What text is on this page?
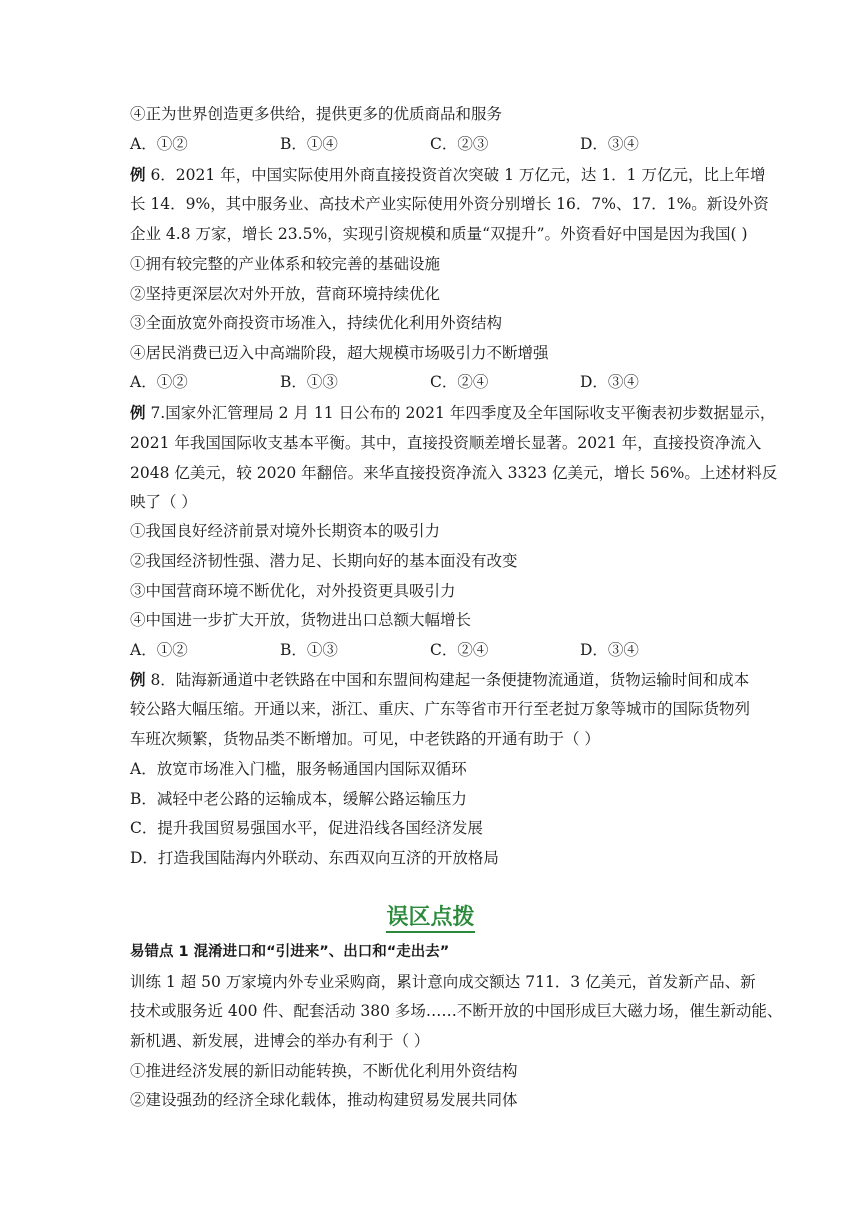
④正为世界创造更多供给，提供更多的优质商品和服务
A．①②	B．①④	C．②③	D．③④
例 6．2021 年，中国实际使用外商直接投资首次突破 1 万亿元，达 1．1 万亿元，比上年增
长 14．9%，其中服务业、高技术产业实际使用外资分别增长 16．7%、17．1%。新设外资
企业 4.8 万家，增长 23.5%，实现引资规模和质量“双提升”。外资看好中国是因为我国( )
①拥有较完整的产业体系和较完善的基础设施
②坚持更深层次对外开放，营商环境持续优化
③全面放宽外商投资市场准入，持续优化利用外资结构
④居民消费已迈入中高端阶段，超大规模市场吸引力不断增强
A．①②	B．①③	C．②④	D．③④
例 7.国家外汇管理局 2 月 11 日公布的 2021 年四季度及全年国际收支平衡表初步数据显示，
2021 年我国国际收支基本平衡。其中，直接投资顺差增长显著。2021 年，直接投资净流入
2048 亿美元，较 2020 年翻倍。来华直接投资净流入 3323 亿美元，增长 56%。上述材料反
映了（ ）
①我国良好经济前景对境外长期资本的吸引力
②我国经济韧性强、潜力足、长期向好的基本面没有改变
③中国营商环境不断优化，对外投资更具吸引力
④中国进一步扩大开放，货物进出口总额大幅增长
A．①②	B．①③	C．②④	D．③④
例 8．陆海新通道中老铁路在中国和东盟间构建起一条便捷物流通道，货物运输时间和成本
较公路大幅压缩。开通以来，浙江、重庆、广东等省市开行至老挝万象等城市的国际货物列
车班次频繁，货物品类不断增加。可见，中老铁路的开通有助于（ ）
A．放宽市场准入门槛，服务畅通国内国际双循环
B．减轻中老公路的运输成本，缓解公路运输压力
C．提升我国贸易强国水平，促进沿线各国经济发展
D．打造我国陆海内外联动、东西双向互济的开放格局
误区点拨
易错点 1 混淆进口和“引进来”、出口和“走出去”
训练 1 超 50 万家境内外专业采购商，累计意向成交额达 711．3 亿美元，首发新产品、新
技术或服务近 400 件、配套活动 380 多场……不断开放的中国形成巨大磁力场，催生新动能、
新机遇、新发展，进博会的举办有利于（ ）
①推进经济发展的新旧动能转换，不断优化利用外资结构
②建设强劲的经济全球化载体，推动构建贸易发展共同体
